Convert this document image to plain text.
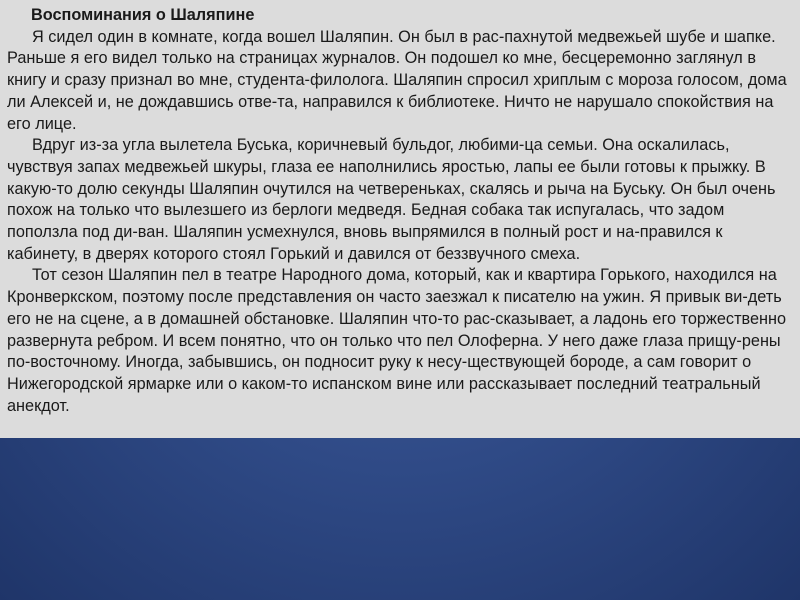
Воспоминания о Шаляпине

Я сидел один в комнате, когда вошел Шаляпин. Он был в рас-пахнутой медвежьей шубе и шапке. Раньше я его видел только на страницах журналов. Он подошел ко мне, бесцеремонно заглянул в книгу и сразу признал во мне, студента-филолога. Шаляпин спросил хриплым с мороза голосом, дома ли Алексей и, не дождавшись отве-та, направился к библиотеке. Ничто не нарушало спокойствия на его лице.

Вдруг из-за угла вылетела Буська, коричневый бульдог, любими-ца семьи. Она оскалилась, чувствуя запах медвежьей шкуры, глаза ее наполнились яростью, лапы ее были готовы к прыжку. В какую-то долю секунды Шаляпин очутился на четвереньках, скалясь и рыча на Буську. Он был очень похож на только что вылезшего из берлоги медведя. Бедная собака так испугалась, что задом поползла под ди-ван. Шаляпин усмехнулся, вновь выпрямился в полный рост и на-правился к кабинету, в дверях которого стоял Горький и давился от беззвучного смеха.

Тот сезон Шаляпин пел в театре Народного дома, который, как и квартира Горького, находился на Кронверкском, поэтому после представления он часто заезжал к писателю на ужин. Я привык ви-деть его не на сцене, а в домашней обстановке. Шаляпин что-то рас-сказывает, а ладонь его торжественно развернута ребром. И всем понятно, что он только что пел Олоферна. У него даже глаза прищу-рены по-восточному. Иногда, забывшись, он подносит руку к несу-ществующей бороде, а сам говорит о Нижегородской ярмарке или о каком-то испанском вине или рассказывает последний театральный анекдот.
